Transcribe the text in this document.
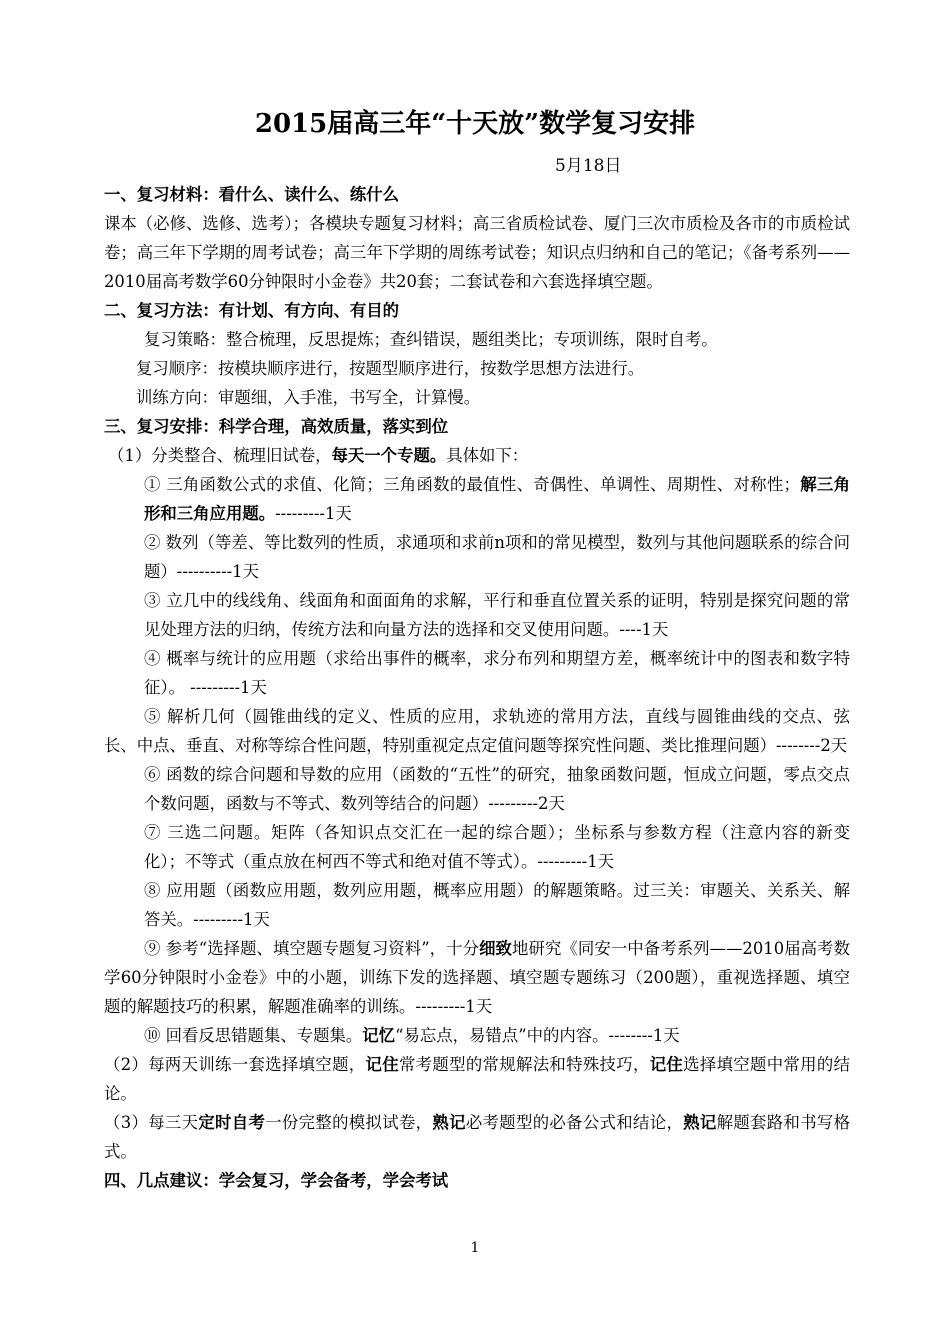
2015届高三年“十天放”数学复习安排
5月18日

一、复习材料：看什么、读什么、练什么

课本（必修、选修、选考）；各模块专题复习材料；高三省质检试卷、厦门三次市质检及各市的市质检试卷；高三年下学期的周考试卷；高三年下学期的周练考试卷；知识点归纳和自己的笔记；《备考系列——2010届高考数学60分钟限时小金卷》共20套；二套试卷和六套选择填空题。

二、复习方法：有计划、有方向、有目的

复习策略：整合梳理，反思提炼；查纠错误，题组类比；专项训练，限时自考。

复习顺序：按模块顺序进行，按题型顺序进行，按数学思想方法进行。

训练方向：审题细，入手准，书写全，计算慢。

三、复习安排：科学合理，高效质量，落实到位

（1）分类整合、梳理旧试卷，每天一个专题。具体如下：

① 三角函数公式的求值、化简；三角函数的最值性、奇偶性、单调性、周期性、对称性；解三角形和三角应用题。---------1天

② 数列（等差、等比数列的性质，求通项和求前n项和的常见模型，数列与其他问题联系的综合问题）----------1天

③ 立几中的线线角、线面角和面面角的求解，平行和垂直位置关系的证明，特别是探究问题的常见处理方法的归纳，传统方法和向量方法的选择和交叉使用问题。----1天

④ 概率与统计的应用题（求给出事件的概率，求分布列和期望方差，概率统计中的图表和数字特征）。 ---------1天

⑤ 解析几何（圆锥曲线的定义、性质的应用，求轨迹的常用方法，直线与圆锥曲线的交点、弦长、中点、垂直、对称等综合性问题，特别重视定点定值问题等探究性问题、类比推理问题）--------2天

⑥ 函数的综合问题和导数的应用（函数的“五性”的研究，抽象函数问题，恒成立问题，零点交点个数问题，函数与不等式、数列等结合的问题）---------2天

⑦ 三选二问题。矩阵（各知识点交汇在一起的综合题）；坐标系与参数方程（注意内容的新变化）；不等式（重点放在柯西不等式和绝对值不等式）。---------1天

⑧ 应用题（函数应用题，数列应用题，概率应用题）的解题策略。过三关：审题关、关系关、解答关。---------1天

⑨ 参考“选择题、填空题专题复习资料”，十分细致地研究《同安一中备考系列——2010届高考数学60分钟限时小金卷》中的小题，训练下发的选择题、填空题专题练习（200题），重视选择题、填空题的解题技巧的积累，解题准确率的训练。---------1天

⑩ 回看反思错题集、专题集。记忆“易忘点，易错点”中的内容。--------1天

（2）每两天训练一套选择填空题，记住常考题型的常规解法和特殊技巧，记住选择填空题中常用的结论。

（3）每三天定时自考一份完整的模拟试卷，熟记必考题型的必备公式和结论，熟记解题套路和书写格式。

四、几点建议：学会复习，学会备考，学会考试

1
